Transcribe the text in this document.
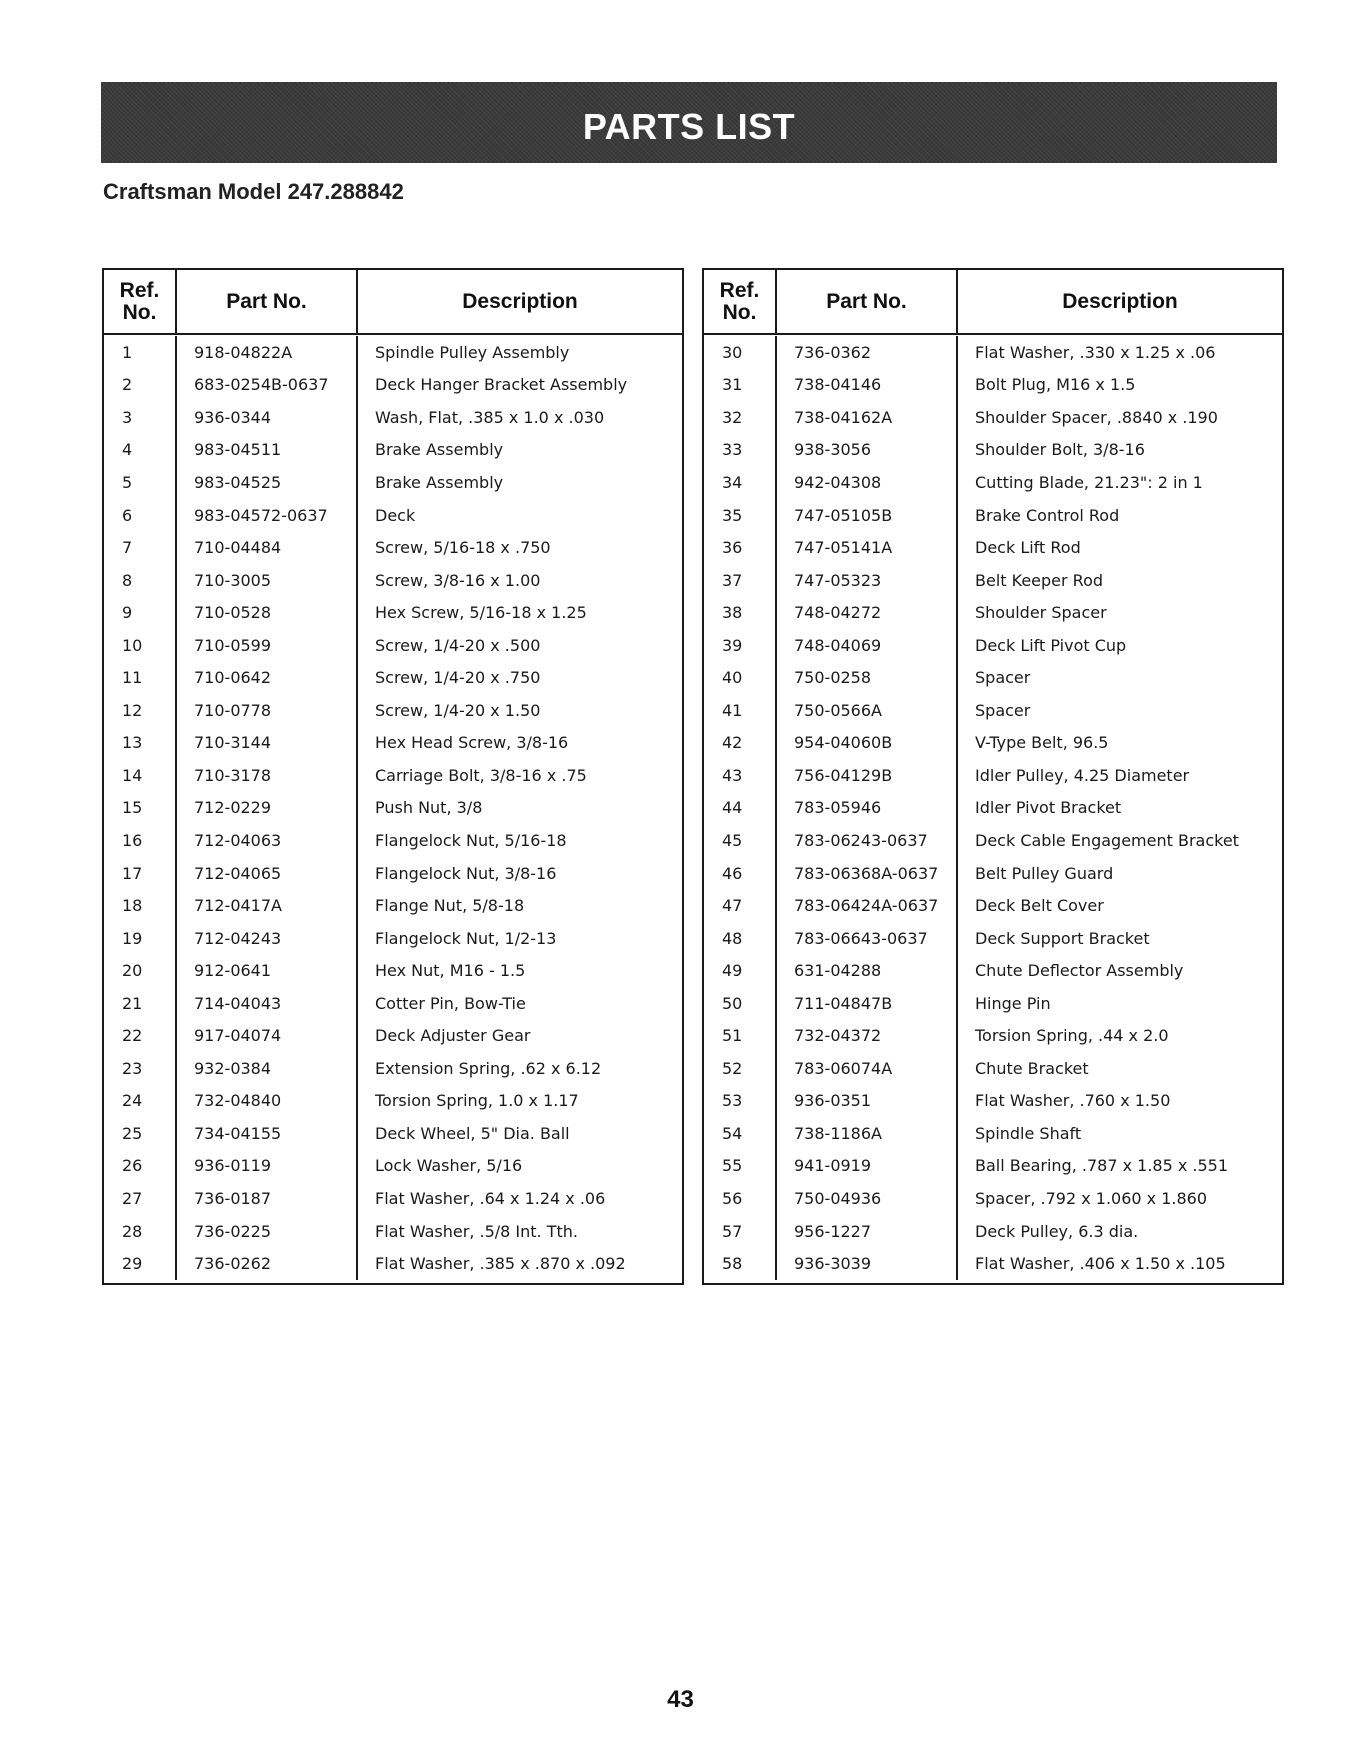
PARTS LIST
Craftsman Model 247.288842
Ref.
No.	Part No.	Description
1	918-04822A	Spindle Pulley Assembly
2	683-0254B-0637	Deck Hanger Bracket Assembly
3	936-0344	Wash, Flat, .385 x 1.0 x .030
4	983-04511	Brake Assembly
5	983-04525	Brake Assembly
6	983-04572-0637	Deck
7	710-04484	Screw, 5/16-18 x .750
8	710-3005	Screw, 3/8-16 x 1.00
9	710-0528	Hex Screw, 5/16-18 x 1.25
10	710-0599	Screw, 1/4-20 x .500
11	710-0642	Screw, 1/4-20 x .750
12	710-0778	Screw, 1/4-20 x 1.50
13	710-3144	Hex Head Screw, 3/8-16
14	710-3178	Carriage Bolt, 3/8-16 x .75
15	712-0229	Push Nut, 3/8
16	712-04063	Flangelock Nut, 5/16-18
17	712-04065	Flangelock Nut, 3/8-16
18	712-0417A	Flange Nut, 5/8-18
19	712-04243	Flangelock Nut, 1/2-13
20	912-0641	Hex Nut, M16 - 1.5
21	714-04043	Cotter Pin, Bow-Tie
22	917-04074	Deck Adjuster Gear
23	932-0384	Extension Spring, .62 x 6.12
24	732-04840	Torsion Spring, 1.0 x 1.17
25	734-04155	Deck Wheel, 5" Dia. Ball
26	936-0119	Lock Washer, 5/16
27	736-0187	Flat Washer, .64 x 1.24 x .06
28	736-0225	Flat Washer, .5/8 Int. Tth.
29	736-0262	Flat Washer, .385 x .870 x .092
Ref.
No.	Part No.	Description
30	736-0362	Flat Washer, .330 x 1.25 x .06
31	738-04146	Bolt Plug, M16 x 1.5
32	738-04162A	Shoulder Spacer, .8840 x .190
33	938-3056	Shoulder Bolt, 3/8-16
34	942-04308	Cutting Blade, 21.23": 2 in 1
35	747-05105B	Brake Control Rod
36	747-05141A	Deck Lift Rod
37	747-05323	Belt Keeper Rod
38	748-04272	Shoulder Spacer
39	748-04069	Deck Lift Pivot Cup
40	750-0258	Spacer
41	750-0566A	Spacer
42	954-04060B	V-Type Belt, 96.5
43	756-04129B	Idler Pulley, 4.25 Diameter
44	783-05946	Idler Pivot Bracket
45	783-06243-0637	Deck Cable Engagement Bracket
46	783-06368A-0637	Belt Pulley Guard
47	783-06424A-0637	Deck Belt Cover
48	783-06643-0637	Deck Support Bracket
49	631-04288	Chute Deflector Assembly
50	711-04847B	Hinge Pin
51	732-04372	Torsion Spring, .44 x 2.0
52	783-06074A	Chute Bracket
53	936-0351	Flat Washer, .760 x 1.50
54	738-1186A	Spindle Shaft
55	941-0919	Ball Bearing, .787 x 1.85 x .551
56	750-04936	Spacer, .792 x 1.060 x 1.860
57	956-1227	Deck Pulley, 6.3 dia.
58	936-3039	Flat Washer, .406 x 1.50 x .105
43
